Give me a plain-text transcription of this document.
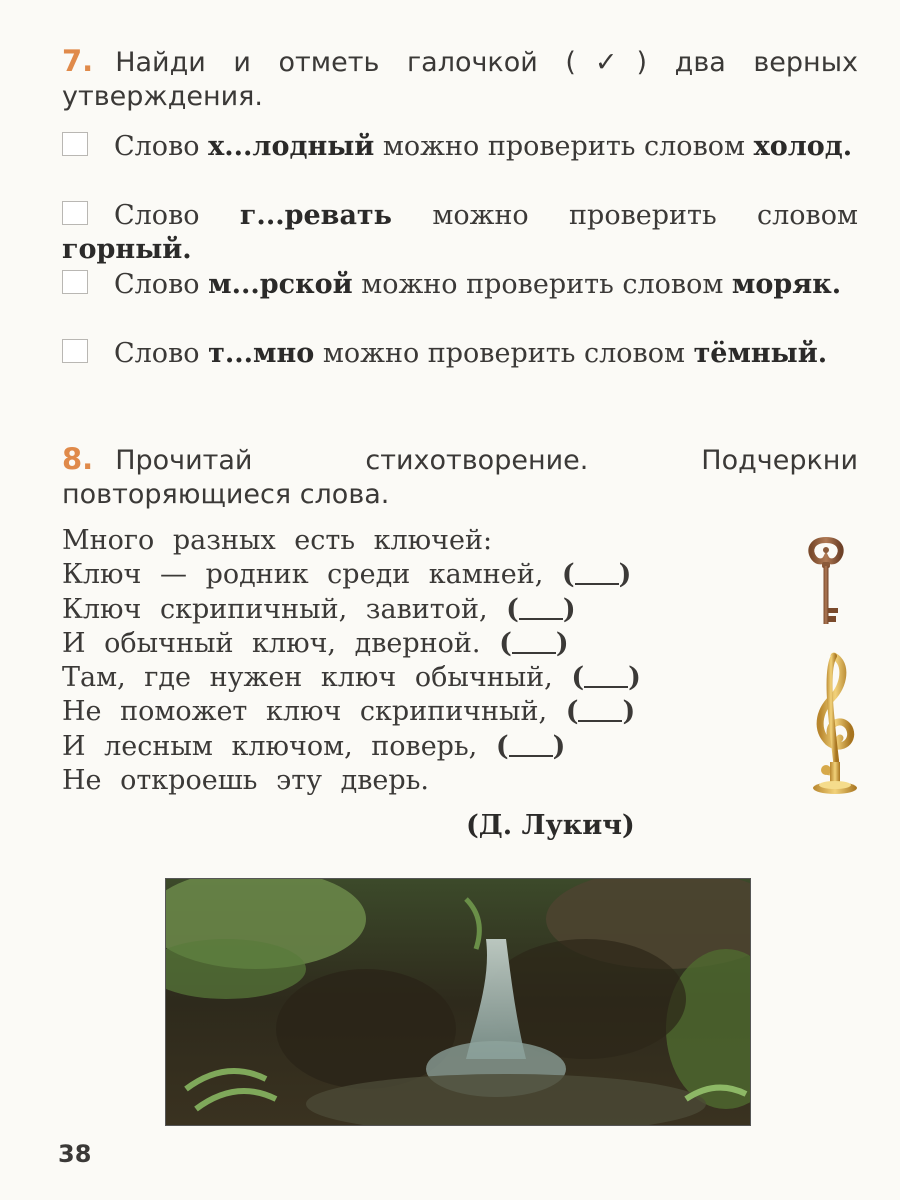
7. Найди и отметь галочкой (✓) два верных утверждения.
Слово х...лодный можно проверить словом холод.
Слово г...ревать можно проверить словом горный.
Слово м...рской можно проверить словом моряк.
Слово т...мно можно проверить словом тёмный.
8. Прочитай стихотворение. Подчеркни повторяющиеся слова.
Много разных есть ключей:
Ключ — родник среди камней, ( )
Ключ скрипичный, завитой, ( )
И обычный ключ, дверной. ( )
Там, где нужен ключ обычный, ( )
Не поможет ключ скрипичный, ( )
И лесным ключом, поверь, ( )
Не откроешь эту дверь.
(Д. Лукич)
38
